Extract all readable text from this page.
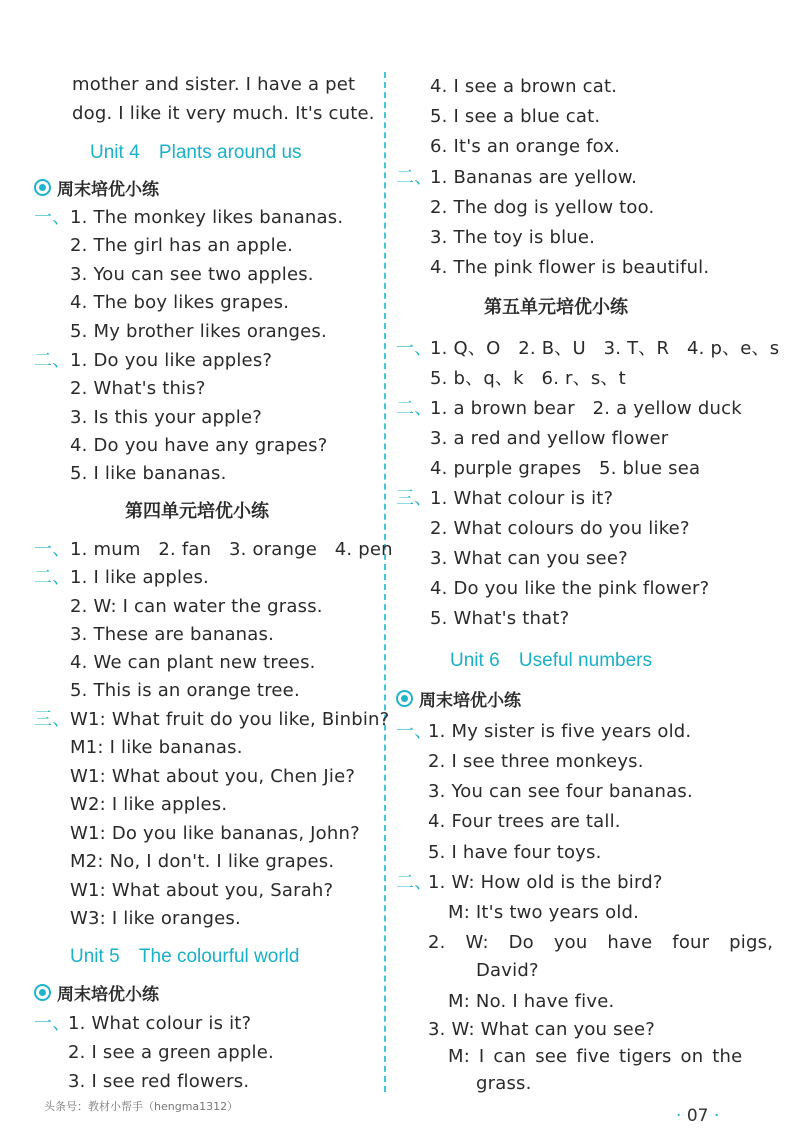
mother and sister. I have a pet
dog. I like it very much. It's cute.
Unit 4 Plants around us
周末培优小练
一、 1. The monkey likes bananas.
2. The girl has an apple.
3. You can see two apples.
4. The boy likes grapes.
5. My brother likes oranges.
二、 1. Do you like apples?
2. What's this?
3. Is this your apple?
4. Do you have any grapes?
5. I like bananas.
第四单元培优小练
一、 1. mum   2. fan   3. orange   4. pen
二、 1. I like apples.
2. W: I can water the grass.
3. These are bananas.
4. We can plant new trees.
5. This is an orange tree.
三、 W1: What fruit do you like, Binbin?
M1: I like bananas.
W1: What about you, Chen Jie?
W2: I like apples.
W1: Do you like bananas, John?
M2: No, I don't. I like grapes.
W1: What about you, Sarah?
W3: I like oranges.
Unit 5 The colourful world
周末培优小练
一、
1. What colour is it?
2. I see a green apple.
3. I see red flowers.
4. I see a brown cat.
5. I see a blue cat.
6. It's an orange fox.
二、
1. Bananas are yellow.
2. The dog is yellow too.
3. The toy is blue.
4. The pink flower is beautiful.
第五单元培优小练
一、
1. Q、O   2. B、U   3. T、R   4. p、e、s
5. b、q、k   6. r、s、t
二、
1. a brown bear   2. a yellow duck
3. a red and yellow flower
4. purple grapes   5. blue sea
三、
1. What colour is it?
2. What colours do you like?
3. What can you see?
4. Do you like the pink flower?
5. What's that?
Unit 6 Useful numbers
周末培优小练
一、
1. My sister is five years old.
2. I see three monkeys.
3. You can see four bananas.
4. Four trees are tall.
5. I have four toys.
二、
1. W: How old is the bird?
M: It's two years old.
2. W: Do you have four pigs,
David?
M: No. I have five.
3. W: What can you see?
M: I can see five tigers on the
grass.
头条号：教材小帮手（hengma1312）	· 07 ·
